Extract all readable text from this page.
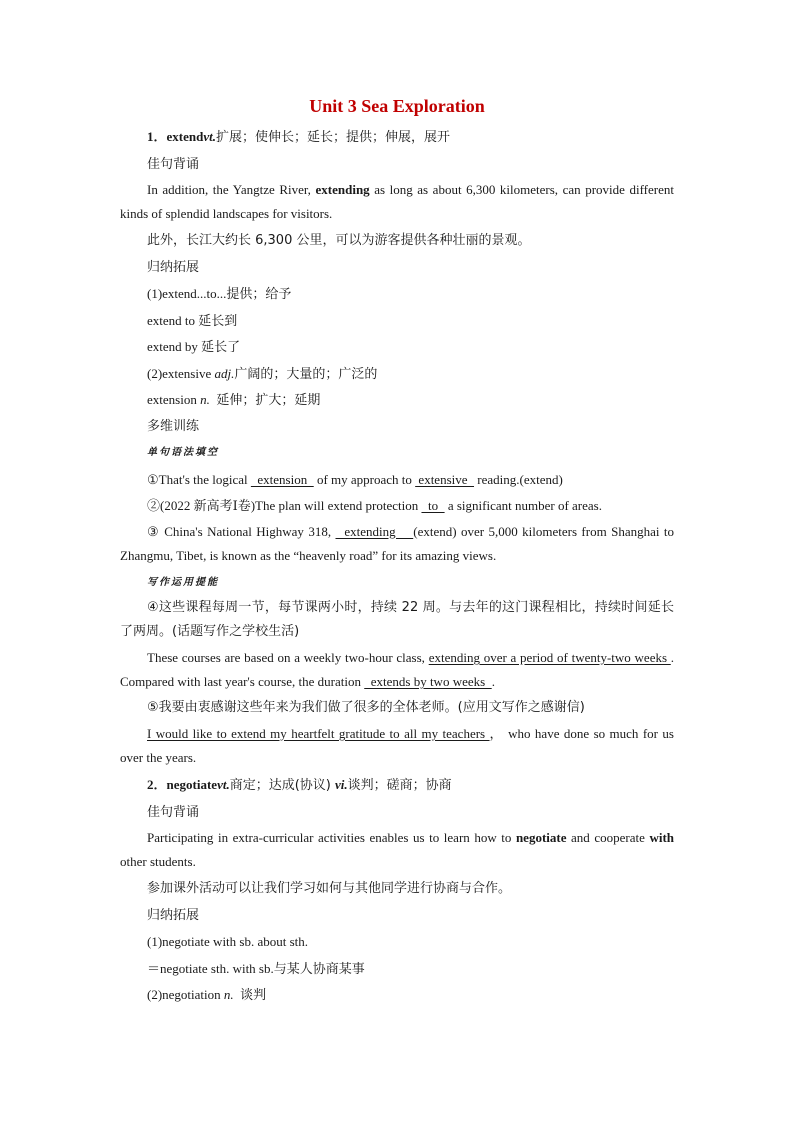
Unit 3 Sea Exploration
1．extendvt.扩展；使伸长；延长；提供；伸展，展开
佳句背诵
In addition, the Yangtze River, extending as long as about 6,300 kilometers, can provide different kinds of splendid landscapes for visitors.
此外，长江大约长 6,300 公里，可以为游客提供各种壮丽的景观。
归纳拓展
(1)extend...to...提供；给予
extend to 延长到
extend by 延长了
(2)extensive adj.广阔的；大量的；广泛的
extension n.  延伸；扩大；延期
多维训练
单句语法填空
①That's the logical   extension   of my approach to  extensive   reading.(extend)
②(2022 新高考Ⅰ卷)The plan will extend protection   to   a significant number of areas.
③ China's National Highway 318,   extending    (extend) over 5,000 kilometers from Shanghai to Zhangmu, Tibet, is known as the “heavenly road” for its amazing views.
写作运用提能
④这些课程每周一节，每节课两小时，持续 22 周。与去年的这门课程相比，持续时间延长了两周。(话题写作之学校生活)
These courses are based on a weekly two-hour class, extending over a period of twenty-two weeks . Compared with last year's course, the duration   extends by two weeks  .
⑤我要由衷感谢这些年来为我们做了很多的全体老师。(应用文写作之感谢信)
I would like to extend my heartfelt gratitude to all my teachers ， who have done so much for us over the years.
2．negotiatevt.商定；达成(协议) vi.谈判；磋商；协商
佳句背诵
Participating in extra-curricular activities enables us to learn how to negotiate and cooperate with other students.
参加课外活动可以让我们学习如何与其他同学进行协商与合作。
归纳拓展
(1)negotiate with sb. about sth.
＝negotiate sth. with sb.与某人协商某事
(2)negotiation n.  谈判
